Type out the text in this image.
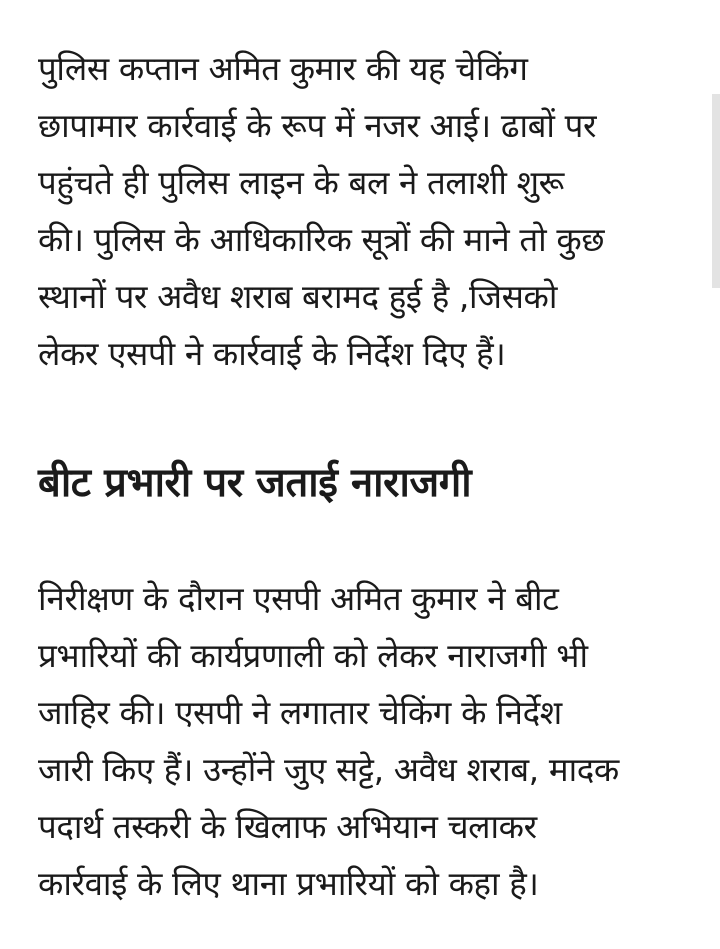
पुलिस कप्तान अमित कुमार की यह चेकिंग
छापामार कार्रवाई के रूप में नजर आई। ढाबों पर
पहुंचते ही पुलिस लाइन के बल ने तलाशी शुरू
की। पुलिस के आधिकारिक सूत्रों की माने तो कुछ
स्थानों पर अवैध शराब बरामद हुई है ,जिसको
लेकर एसपी ने कार्रवाई के निर्देश दिए हैं।

बीट प्रभारी पर जताई नाराजगी

निरीक्षण के दौरान एसपी अमित कुमार ने बीट
प्रभारियों की कार्यप्रणाली को लेकर नाराजगी भी
जाहिर की। एसपी ने लगातार चेकिंग के निर्देश
जारी किए हैं। उन्होंने जुए सट्टे, अवैध शराब, मादक
पदार्थ तस्करी के खिलाफ अभियान चलाकर
कार्रवाई के लिए थाना प्रभारियों को कहा है।
